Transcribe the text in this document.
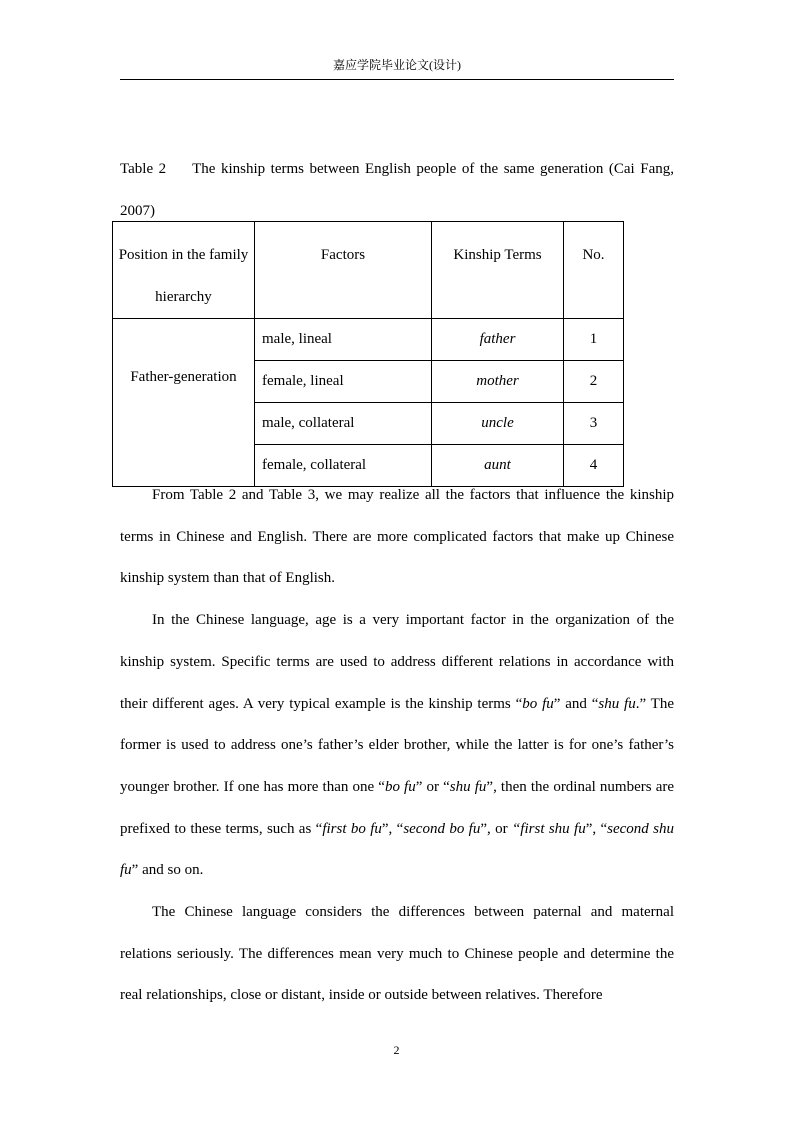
嘉应学院毕业论文(设计)
Table 2 The kinship terms between English people of the same generation (Cai Fang, 2007)
Position in the family hierarchy	Factors	Kinship Terms	No.

Father-generation	male, lineal	father	1

	female, lineal	mother	2

	male, collateral	uncle	3

	female, collateral	aunt	4

From Table 2 and Table 3, we may realize all the factors that influence the kinship terms in Chinese and English. There are more complicated factors that make up Chinese kinship system than that of English.

In the Chinese language, age is a very important factor in the organization of the kinship system. Specific terms are used to address different relations in accordance with their different ages. A very typical example is the kinship terms “bo fu” and “shu fu.” The former is used to address one’s father’s elder brother, while the latter is for one’s father’s younger brother. If one has more than one “bo fu” or “shu fu”, then the ordinal numbers are prefixed to these terms, such as “first bo fu”, “second bo fu”, or “first shu fu”, “second shu fu” and so on.

The Chinese language considers the differences between paternal and maternal relations seriously. The differences mean very much to Chinese people and determine the real relationships, close or distant, inside or outside between relatives. Therefore

2
